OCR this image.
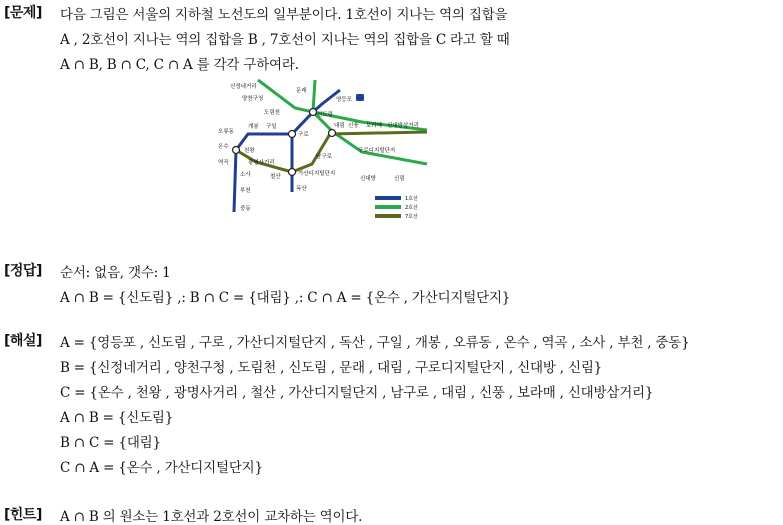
[문제] 다음 그림은 서울의 지하철 노선도의 일부분이다. 1호선이 지나는 역의 집합을
A , 2호선이 지나는 역의 집합을 B , 7호선이 지나는 역의 집합을 C 라고 할 때
A ∩ B, B ∩ C, C ∩ A 를 각각 구하여라.
신정네거리
양천구청
도림천
문래
영등포
신도림
오류동
개봉 구일
구로
대림 신풍 보라매 신대방삼거리
온수
천왕
광명사거리
남구로
구로디지털단지
역곡
철산
소사	가산디지털단지
신대방	신림
부천	독산
중동
1호선
2호선
7호선
[정답] 순서: 없음, 갯수: 1
A ∩ B = {신도림} ,: B ∩ C = {대림} ,: C ∩ A = {온수 , 가산디지털단지}
[해설] A = {영등포 , 신도림 , 구로 , 가산디지털단지 , 독산 , 구일 , 개봉 , 오류동 , 온수 , 역곡 , 소사 , 부천 , 중동}
B = {신정네거리 , 양천구청 , 도림천 , 신도림 , 문래 , 대림 , 구로디지털단지 , 신대방 , 신림}
C = {온수 , 천왕 , 광명사거리 , 철산 , 가산디지털단지 , 남구로 , 대림 , 신풍 , 보라매 , 신대방삼거리}
A ∩ B = {신도림}
B ∩ C = {대림}
C ∩ A = {온수 , 가산디지털단지}
[힌트] A ∩ B 의 원소는 1호선과 2호선이 교차하는 역이다.
